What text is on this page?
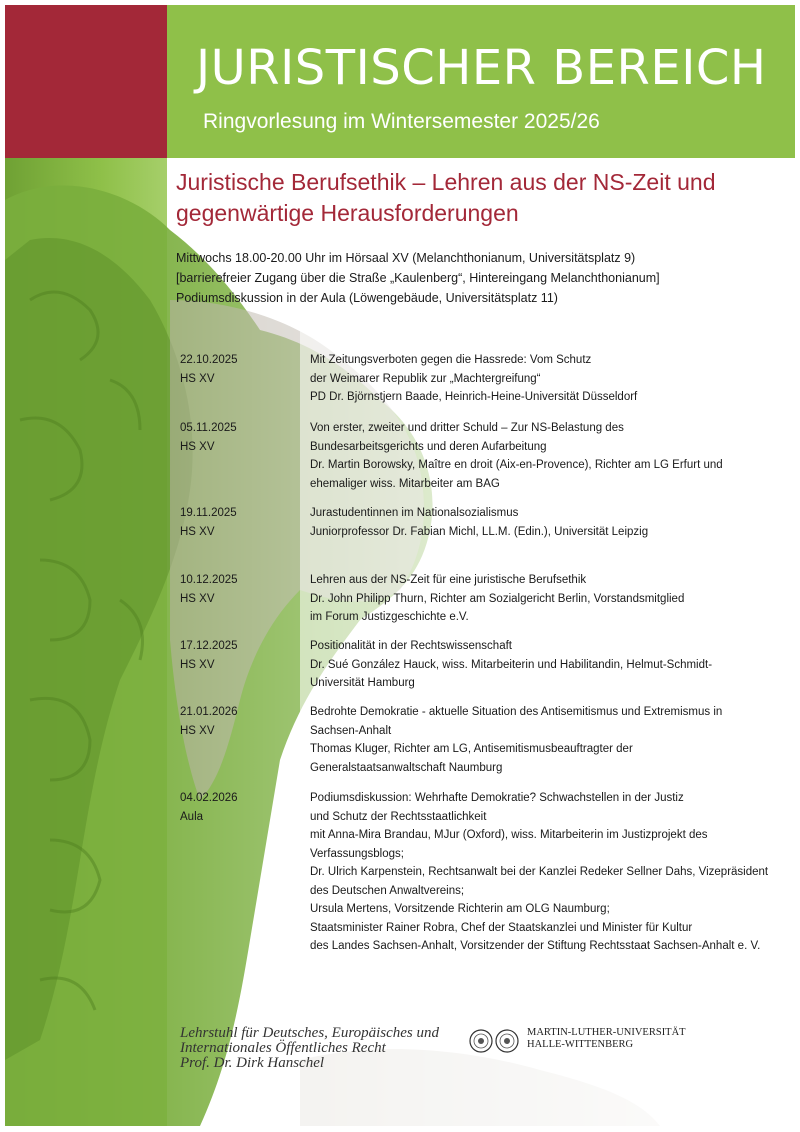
JURISTISCHER BEREICH
Ringvorlesung im Wintersemester 2025/26
Juristische Berufsethik – Lehren aus der NS-Zeit und
gegenwärtige Herausforderungen
Mittwochs 18.00-20.00 Uhr im Hörsaal XV (Melanchthonianum, Universitätsplatz 9)
[barrierefreier Zugang über die Straße „Kaulenberg“, Hintereingang Melanchthonianum]
Podiumsdiskussion in der Aula (Löwengebäude, Universitätsplatz 11)
22.10.2025
HS XV
Mit Zeitungsverboten gegen die Hassrede: Vom Schutz
der Weimarer Republik zur „Machtergreifung“
PD Dr. Björnstjern Baade, Heinrich-Heine-Universität Düsseldorf
05.11.2025
HS XV
Von erster, zweiter und dritter Schuld – Zur NS-Belastung des
Bundesarbeitsgerichts und deren Aufarbeitung
Dr. Martin Borowsky, Maître en droit (Aix-en-Provence), Richter am LG Erfurt und
ehemaliger wiss. Mitarbeiter am BAG
19.11.2025
HS XV
Jurastudentinnen im Nationalsozialismus
Juniorprofessor Dr. Fabian Michl, LL.M. (Edin.), Universität Leipzig
10.12.2025
HS XV
Lehren aus der NS-Zeit für eine juristische Berufsethik
Dr. John Philipp Thurn, Richter am Sozialgericht Berlin, Vorstandsmitglied
im Forum Justizgeschichte e.V.
17.12.2025
HS XV
Positionalität in der Rechtswissenschaft
Dr. Sué González Hauck, wiss. Mitarbeiterin und Habilitandin, Helmut-Schmidt-
Universität Hamburg
21.01.2026
HS XV
Bedrohte Demokratie - aktuelle Situation des Antisemitismus und Extremismus in
Sachsen-Anhalt
Thomas Kluger, Richter am LG, Antisemitismusbeauftragter der
Generalstaatsanwaltschaft Naumburg
04.02.2026
Aula
Podiumsdiskussion: Wehrhafte Demokratie? Schwachstellen in der Justiz
und Schutz der Rechtsstaatlichkeit
mit Anna-Mira Brandau, MJur (Oxford), wiss. Mitarbeiterin im Justizprojekt des
Verfassungsblogs;
Dr. Ulrich Karpenstein, Rechtsanwalt bei der Kanzlei Redeker Sellner Dahs, Vizepräsident
des Deutschen Anwaltvereins;
Ursula Mertens, Vorsitzende Richterin am OLG Naumburg;
Staatsminister Rainer Robra, Chef der Staatskanzlei und Minister für Kultur
des Landes Sachsen-Anhalt, Vorsitzender der Stiftung Rechtsstaat Sachsen-Anhalt e. V.
Lehrstuhl für Deutsches, Europäisches und
Internationales Öffentliches Recht
Prof. Dr. Dirk Hanschel
MARTIN-LUTHER-UNIVERSITÄT
HALLE-WITTENBERG
